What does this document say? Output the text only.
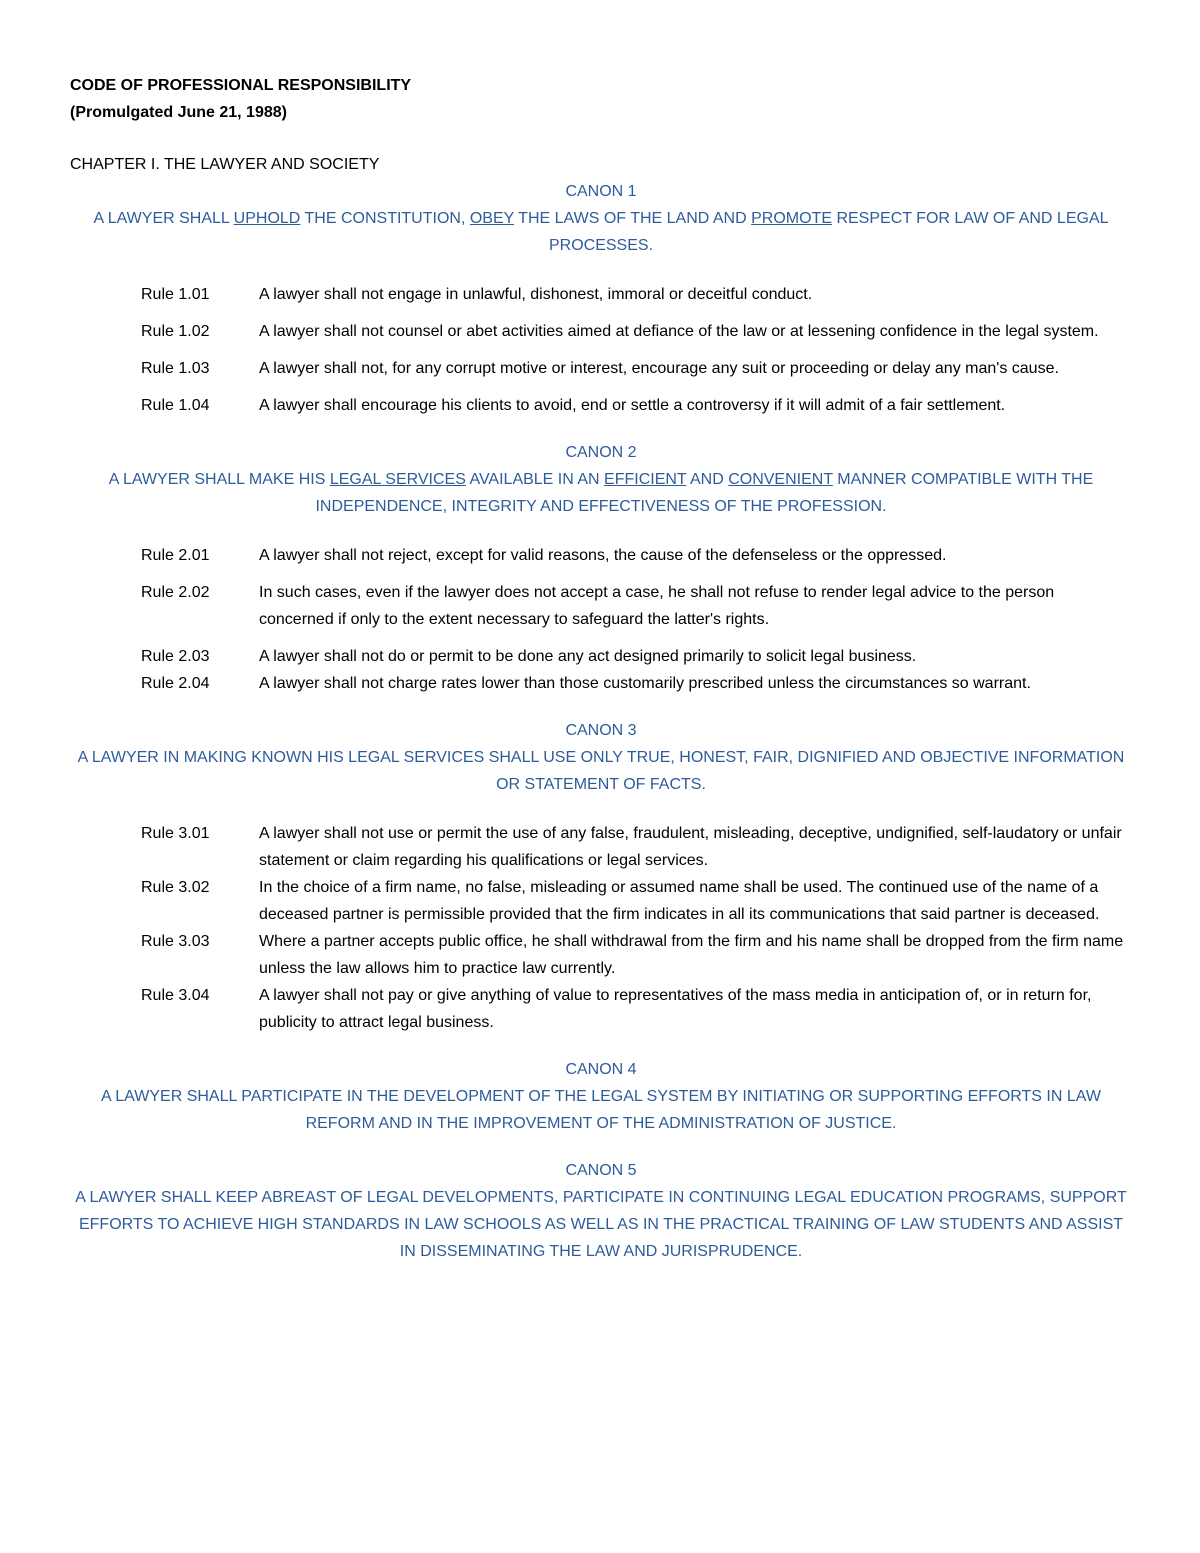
CODE OF PROFESSIONAL RESPONSIBILITY
(Promulgated June 21, 1988)
CHAPTER I. THE LAWYER AND SOCIETY
CANON 1
A LAWYER SHALL UPHOLD THE CONSTITUTION, OBEY THE LAWS OF THE LAND AND PROMOTE RESPECT FOR LAW OF AND LEGAL PROCESSES.
Rule 1.01	A lawyer shall not engage in unlawful, dishonest, immoral or deceitful conduct.
Rule 1.02	A lawyer shall not counsel or abet activities aimed at defiance of the law or at lessening confidence in the legal system.
Rule 1.03	A lawyer shall not, for any corrupt motive or interest, encourage any suit or proceeding or delay any man's cause.
Rule 1.04	A lawyer shall encourage his clients to avoid, end or settle a controversy if it will admit of a fair settlement.
CANON 2
A LAWYER SHALL MAKE HIS LEGAL SERVICES AVAILABLE IN AN EFFICIENT AND CONVENIENT MANNER COMPATIBLE WITH THE INDEPENDENCE, INTEGRITY AND EFFECTIVENESS OF THE PROFESSION.
Rule 2.01	A lawyer shall not reject, except for valid reasons, the cause of the defenseless or the oppressed.
Rule 2.02	In such cases, even if the lawyer does not accept a case, he shall not refuse to render legal advice to the person concerned if only to the extent necessary to safeguard the latter's rights.
Rule 2.03	A lawyer shall not do or permit to be done any act designed primarily to solicit legal business.
Rule 2.04	A lawyer shall not charge rates lower than those customarily prescribed unless the circumstances so warrant.
CANON 3
A LAWYER IN MAKING KNOWN HIS LEGAL SERVICES SHALL USE ONLY TRUE, HONEST, FAIR, DIGNIFIED AND OBJECTIVE INFORMATION OR STATEMENT OF FACTS.
Rule 3.01	A lawyer shall not use or permit the use of any false, fraudulent, misleading, deceptive, undignified, self-laudatory or unfair statement or claim regarding his qualifications or legal services.
Rule 3.02	In the choice of a firm name, no false, misleading or assumed name shall be used. The continued use of the name of a deceased partner is permissible provided that the firm indicates in all its communications that said partner is deceased.
Rule 3.03	Where a partner accepts public office, he shall withdrawal from the firm and his name shall be dropped from the firm name unless the law allows him to practice law currently.
Rule 3.04	A lawyer shall not pay or give anything of value to representatives of the mass media in anticipation of, or in return for, publicity to attract legal business.
CANON 4
A LAWYER SHALL PARTICIPATE IN THE DEVELOPMENT OF THE LEGAL SYSTEM BY INITIATING OR SUPPORTING EFFORTS IN LAW REFORM AND IN THE IMPROVEMENT OF THE ADMINISTRATION OF JUSTICE.
CANON 5
A LAWYER SHALL KEEP ABREAST OF LEGAL DEVELOPMENTS, PARTICIPATE IN CONTINUING LEGAL EDUCATION PROGRAMS, SUPPORT EFFORTS TO ACHIEVE HIGH STANDARDS IN LAW SCHOOLS AS WELL AS IN THE PRACTICAL TRAINING OF LAW STUDENTS AND ASSIST IN DISSEMINATING THE LAW AND JURISPRUDENCE.
